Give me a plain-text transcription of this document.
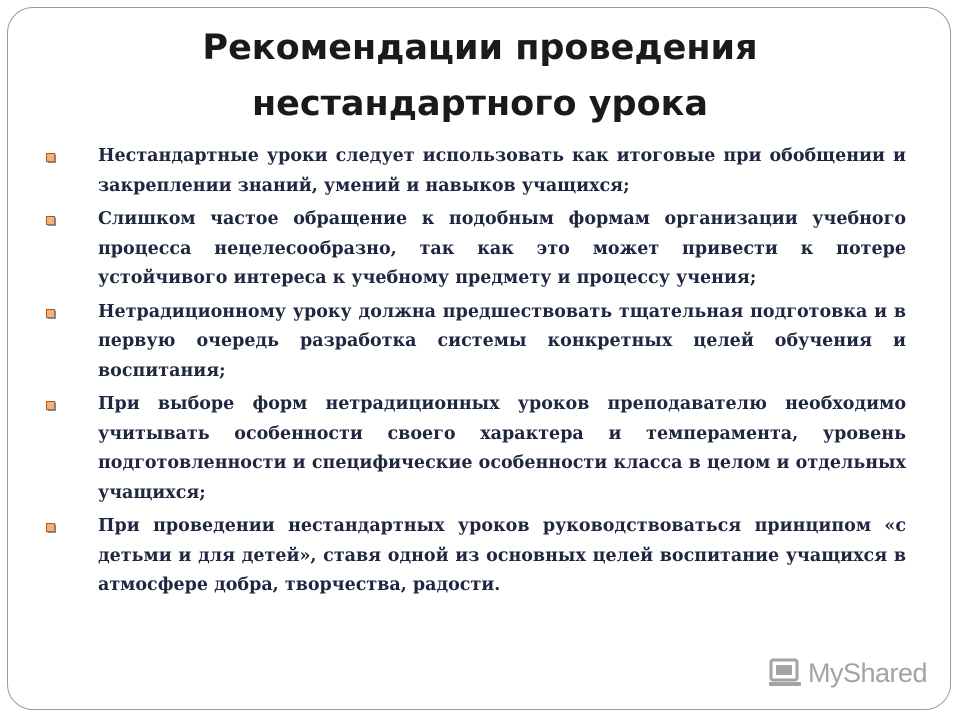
Рекомендации проведения
нестандартного урока
Нестандартные уроки следует использовать как итоговые при обобщении и закреплении знаний, умений и навыков учащихся;
Слишком частое обращение к подобным формам организации учебного процесса нецелесообразно, так как это может привести к потере устойчивого интереса к учебному предмету и процессу учения;
Нетрадиционному уроку должна предшествовать тщательная подготовка и в первую очередь разработка системы конкретных целей обучения и воспитания;
При выборе форм нетрадиционных уроков преподавателю необходимо учитывать особенности своего характера и темперамента, уровень подготовленности и специфические особенности класса в целом и отдельных учащихся;
При проведении нестандартных уроков руководствоваться принципом «с детьми и для детей», ставя одной из основных целей воспитание учащихся в атмосфере добра, творчества, радости.
MyShared
